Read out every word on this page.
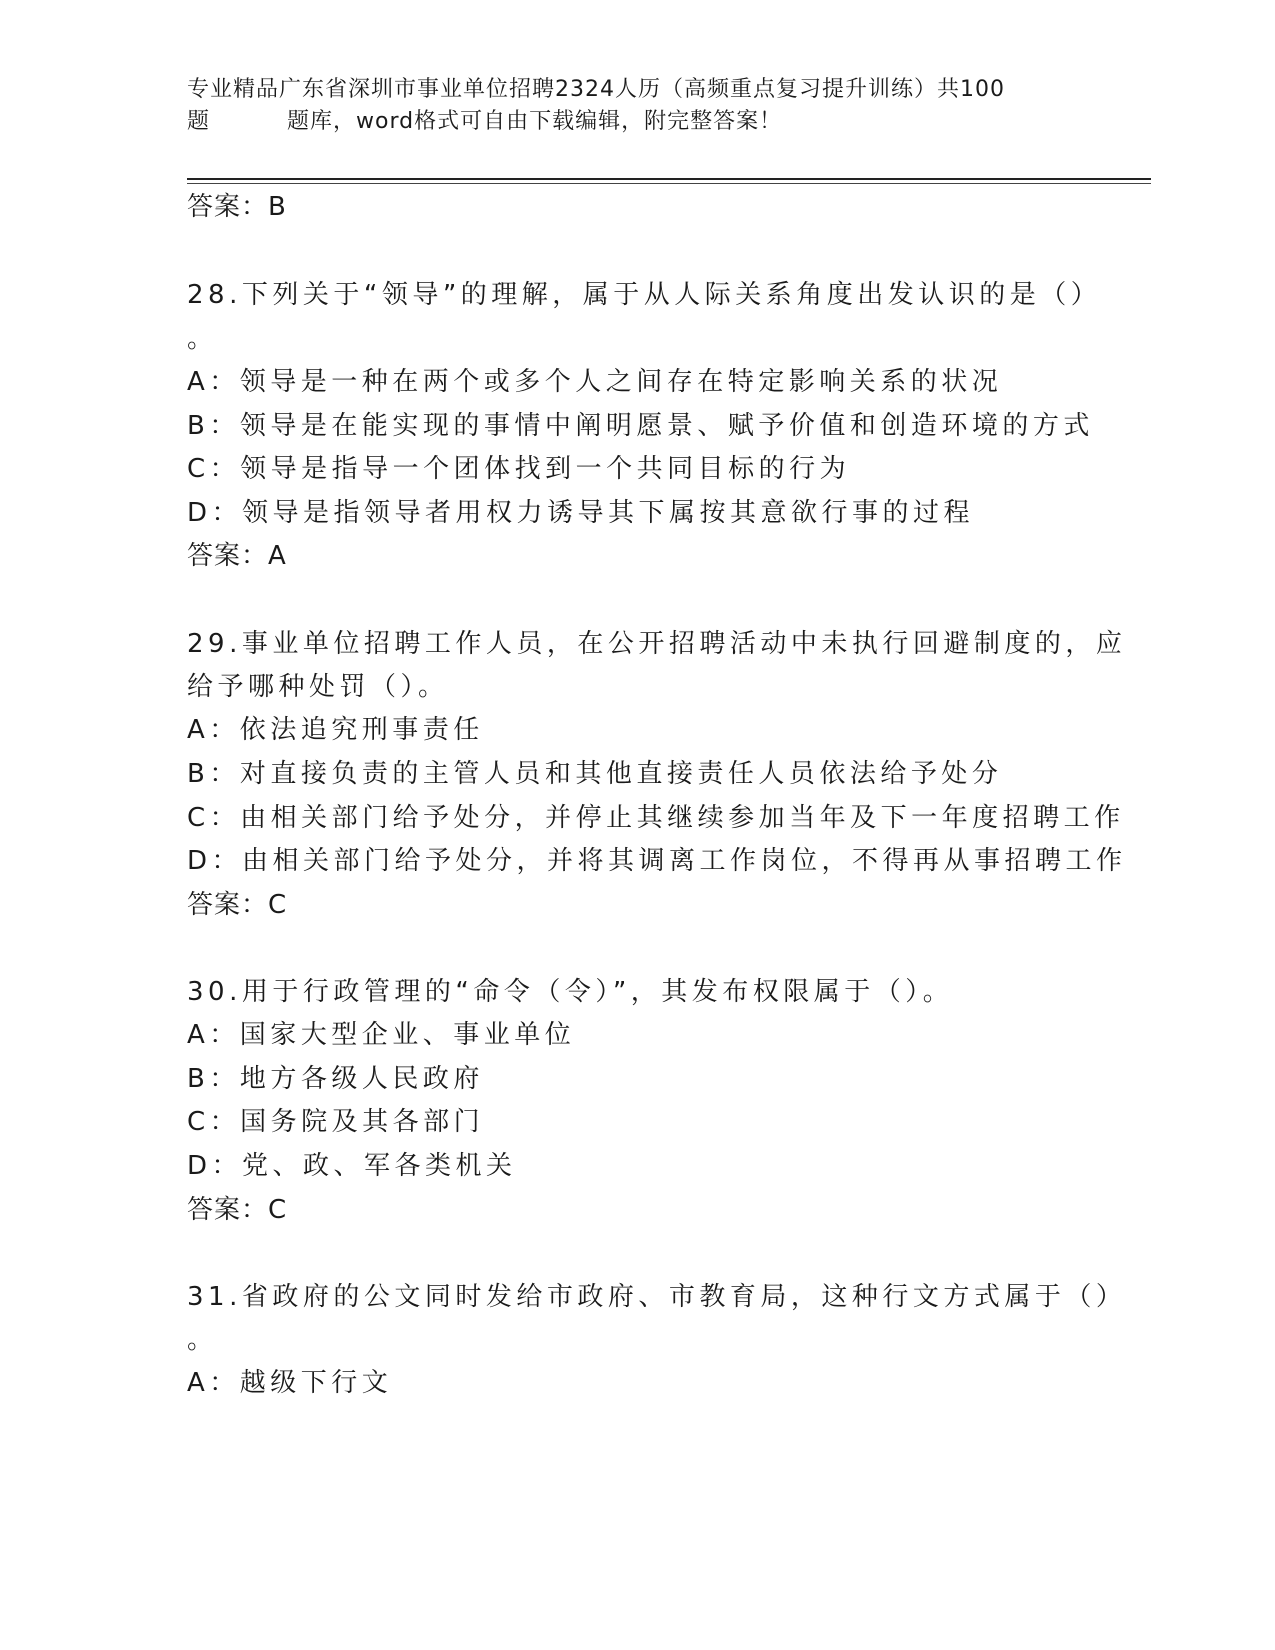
专业精品广东省深圳市事业单位招聘2324人历（高频重点复习提升训练）共100
题	题库，word格式可自由下载编辑，附完整答案！
答案：B
28.下列关于“领导”的理解，属于从人际关系角度出发认识的是（）
。
A：领导是一种在两个或多个人之间存在特定影响关系的状况
B：领导是在能实现的事情中阐明愿景、赋予价值和创造环境的方式
C：领导是指导一个团体找到一个共同目标的行为
D：领导是指领导者用权力诱导其下属按其意欲行事的过程
答案：A
29.事业单位招聘工作人员，在公开招聘活动中未执行回避制度的，应
给予哪种处罚（）。
A：依法追究刑事责任
B：对直接负责的主管人员和其他直接责任人员依法给予处分
C：由相关部门给予处分，并停止其继续参加当年及下一年度招聘工作
D：由相关部门给予处分，并将其调离工作岗位，不得再从事招聘工作
答案：C
30.用于行政管理的“命令（令）”，其发布权限属于（）。
A：国家大型企业、事业单位
B：地方各级人民政府
C：国务院及其各部门
D：党、政、军各类机关
答案：C
31.省政府的公文同时发给市政府、市教育局，这种行文方式属于（）
。
A：越级下行文
